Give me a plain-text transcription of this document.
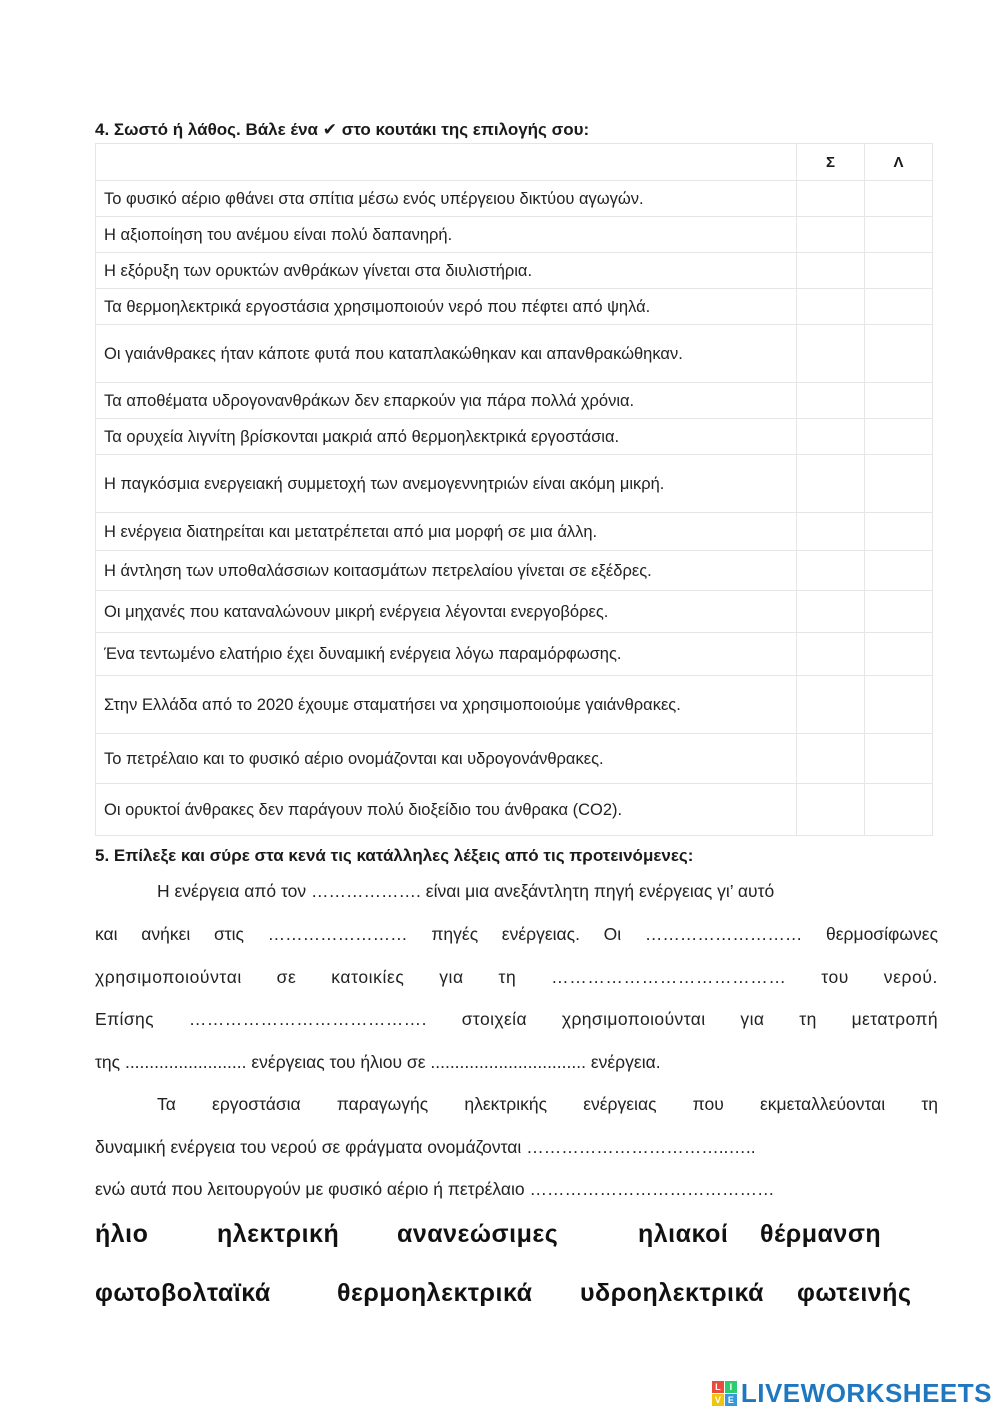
4. Σωστό ή λάθος. Βάλε ένα ✔ στο κουτάκι της επιλογής σου:
	Σ	Λ
Το φυσικό αέριο φθάνει στα σπίτια μέσω ενός υπέργειου δικτύου αγωγών.		
Η αξιοποίηση του ανέμου είναι πολύ δαπανηρή.		
Η εξόρυξη των ορυκτών ανθράκων γίνεται στα διυλιστήρια.		
Τα θερμοηλεκτρικά εργοστάσια χρησιμοποιούν νερό που πέφτει από ψηλά.		
Οι γαιάνθρακες ήταν κάποτε φυτά που καταπλακώθηκαν και απανθρακώθηκαν.		
Τα αποθέματα υδρογονανθράκων δεν επαρκούν για πάρα πολλά χρόνια.		
Τα ορυχεία λιγνίτη βρίσκονται μακριά από θερμοηλεκτρικά εργοστάσια.		
Η παγκόσμια ενεργειακή συμμετοχή των ανεμογεννητριών είναι ακόμη μικρή.		
Η ενέργεια διατηρείται και μετατρέπεται από μια μορφή σε μια άλλη.		
Η άντληση των υποθαλάσσιων κοιτασμάτων πετρελαίου γίνεται σε εξέδρες.		
Οι μηχανές που καταναλώνουν μικρή ενέργεια λέγονται ενεργοβόρες.		
Ένα τεντωμένο ελατήριο έχει δυναμική ενέργεια λόγω παραμόρφωσης.		
Στην Ελλάδα από το 2020 έχουμε σταματήσει να χρησιμοποιούμε γαιάνθρακες.		
Το πετρέλαιο και το φυσικό αέριο ονομάζονται και υδρογονάνθρακες.		
Οι ορυκτοί άνθρακες δεν παράγουν πολύ διοξείδιο του άνθρακα (CO2).		
5. Επίλεξε και σύρε στα κενά τις κατάλληλες λέξεις από τις προτεινόμενες:
Η ενέργεια από τον ………………. είναι μια ανεξάντλητη πηγή ενέργειας γι’ αυτό
και ανήκει στις …………………… πηγές ενέργειας. Οι ……………………… θερμοσίφωνες
χρησιμοποιούνται σε κατοικίες για τη ………………………………… του νερού.
Επίσης …………………………………. στοιχεία χρησιμοποιούνται για τη μετατροπή
της ......................... ενέργειας του ήλιου σε ................................ ενέργεια.
Τα εργοστάσια παραγωγής ηλεκτρικής ενέργειας που εκμεταλλεύονται τη
δυναμική ενέργεια του νερού σε φράγματα ονομάζονται ……………………………..…..
ενώ αυτά που λειτουργούν με φυσικό αέριο ή πετρέλαιο ……………………………………
ήλιο	ηλεκτρική ανανεώσιμες	ηλιακοί θέρμανση
φωτοβολταϊκά	θερμοηλεκτρικά υδροηλεκτρικά φωτεινής
L I
V E LIVEWORKSHEETS
